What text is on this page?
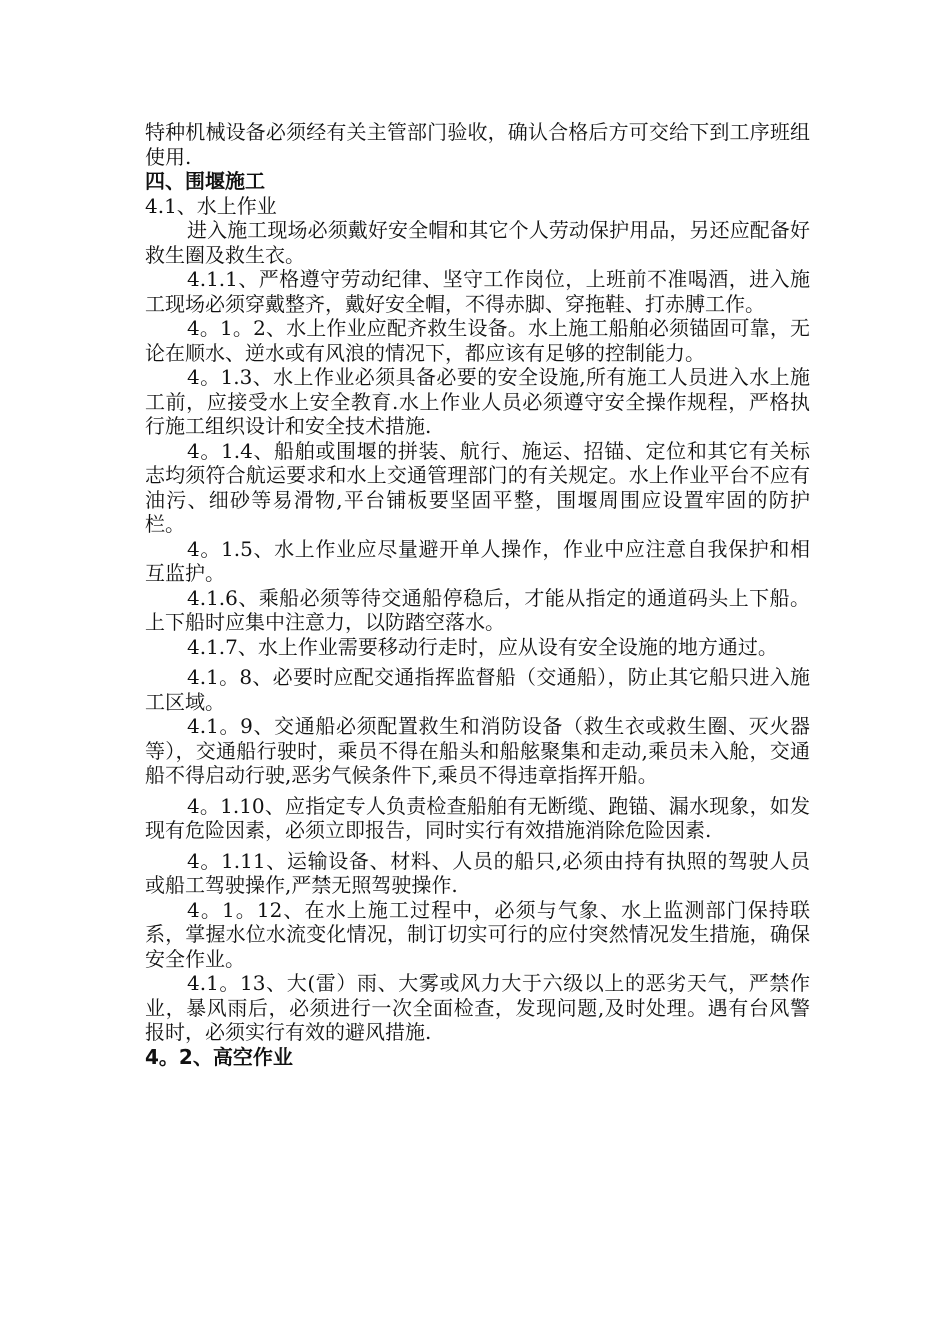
特种机械设备必须经有关主管部门验收，确认合格后方可交给下到工序班组使用.

四、围堰施工

4.1、水上作业

进入施工现场必须戴好安全帽和其它个人劳动保护用品，另还应配备好救生圈及救生衣。

4.1.1、严格遵守劳动纪律、坚守工作岗位，上班前不准喝酒，进入施工现场必须穿戴整齐，戴好安全帽，不得赤脚、穿拖鞋、打赤膊工作。

4。1。2、水上作业应配齐救生设备。水上施工船舶必须锚固可靠，无论在顺水、逆水或有风浪的情况下，都应该有足够的控制能力。

4。1.3、水上作业必须具备必要的安全设施,所有施工人员进入水上施工前，应接受水上安全教育.水上作业人员必须遵守安全操作规程，严格执行施工组织设计和安全技术措施.

4。1.4、船舶或围堰的拼装、航行、施运、招锚、定位和其它有关标志均须符合航运要求和水上交通管理部门的有关规定。水上作业平台不应有油污、细砂等易滑物,平台铺板要坚固平整，围堰周围应设置牢固的防护栏。

4。1.5、水上作业应尽量避开单人操作，作业中应注意自我保护和相互监护。

4.1.6、乘船必须等待交通船停稳后，才能从指定的通道码头上下船。上下船时应集中注意力，以防踏空落水。

4.1.7、水上作业需要移动行走时，应从设有安全设施的地方通过。

4.1。8、必要时应配交通指挥监督船（交通船），防止其它船只进入施工区域。

4.1。9、交通船必须配置救生和消防设备（救生衣或救生圈、灭火器等），交通船行驶时，乘员不得在船头和船舷聚集和走动,乘员未入舱，交通船不得启动行驶,恶劣气候条件下,乘员不得违章指挥开船。

4。1.10、应指定专人负责检查船舶有无断缆、跑锚、漏水现象，如发现有危险因素，必须立即报告，同时实行有效措施消除危险因素.

4。1.11、运输设备、材料、人员的船只,必须由持有执照的驾驶人员或船工驾驶操作,严禁无照驾驶操作.

4。1。12、在水上施工过程中，必须与气象、水上监测部门保持联系，掌握水位水流变化情况，制订切实可行的应付突然情况发生措施，确保安全作业。

4.1。13、大(雷）雨、大雾或风力大于六级以上的恶劣天气，严禁作业，暴风雨后，必须进行一次全面检查，发现问题,及时处理。遇有台风警报时，必须实行有效的避风措施.

4。2、高空作业
